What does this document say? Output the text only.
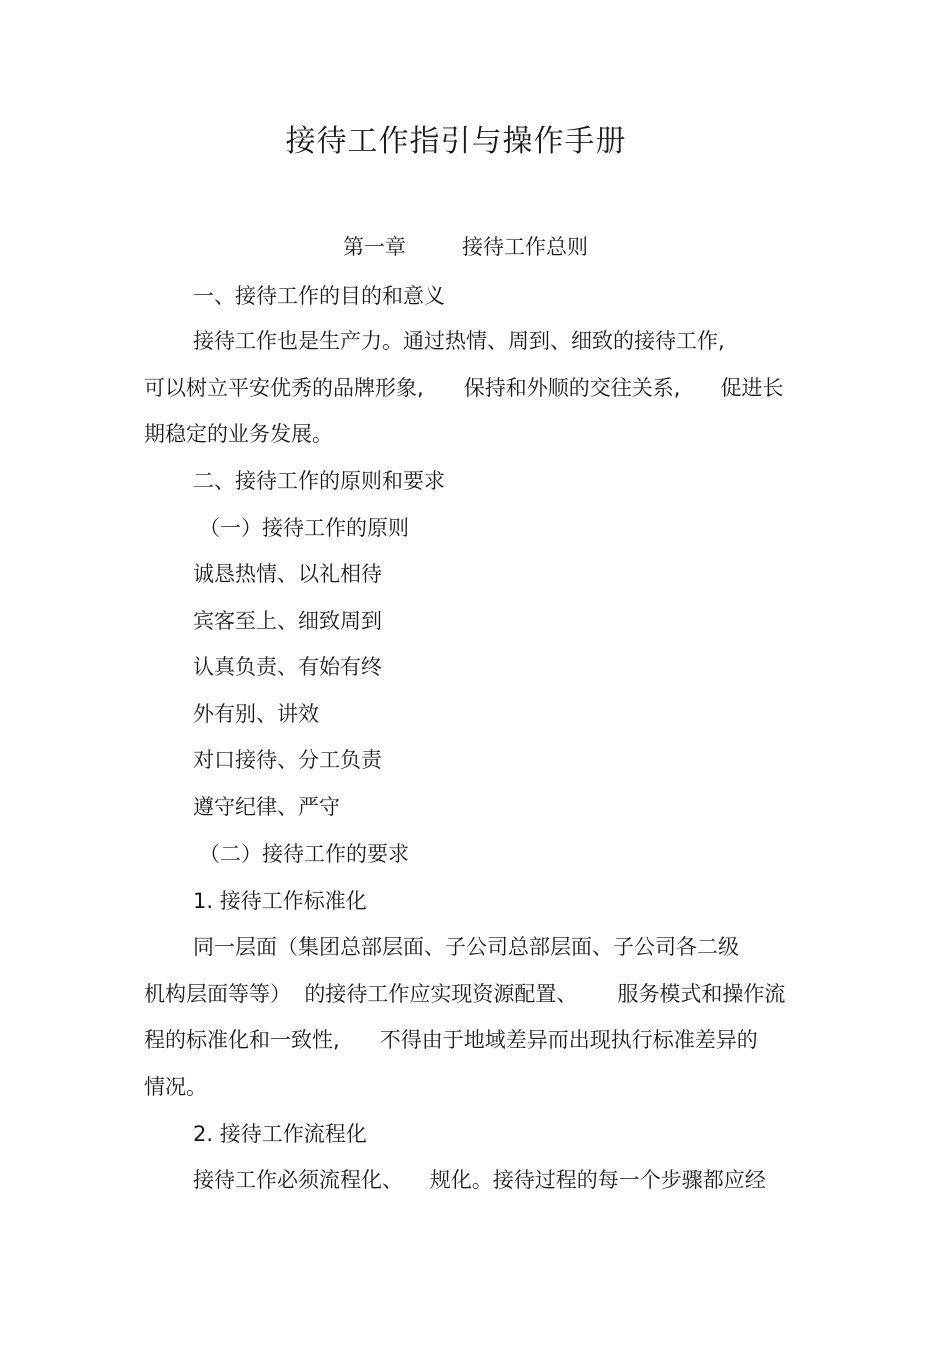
接待工作指引与操作手册
第一章	接待工作总则
一、接待工作的目的和意义
接待工作也是生产力。通过热情、周到、细致的接待工作,
可以树立平安优秀的品牌形象,      保持和外顺的交往关系,      促进长
期稳定的业务发展。
二、接待工作的原则和要求
（一）接待工作的原则
诚恳热情、以礼相待
宾客至上、细致周到
认真负责、有始有终
外有别、讲效
对口接待、分工负责
遵守纪律、严守
（二）接待工作的要求
1. 接待工作标准化
同一层面（集团总部层面、子公司总部层面、子公司各二级
机构层面等等）  的接待工作应实现资源配置、      服务模式和操作流
程的标准化和一致性,      不得由于地域差异而出现执行标准差异的
情况。
2. 接待工作流程化
接待工作必须流程化、    规化。接待过程的每一个步骤都应经
